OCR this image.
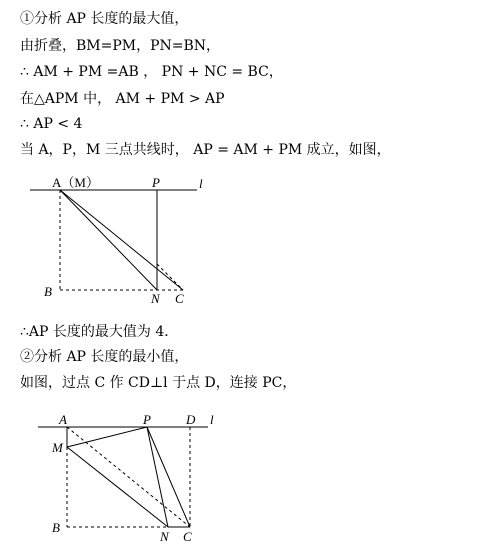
①分析 AP 长度的最大值，
由折叠，BM=PM，PN=BN，
∴ AM + PM =AB ， PN + NC = BC，
在△APM 中， AM + PM > AP
∴ AP < 4
当 A，P，M 三点共线时， AP = AM + PM 成立，如图，
A（M）	P	l
B	N C
∴AP 长度的最大值为 4．
②分析 AP 长度的最小值，
如图，过点 C 作 CD⊥l 于点 D，连接 PC，
A	P	D l
M
B
N C
